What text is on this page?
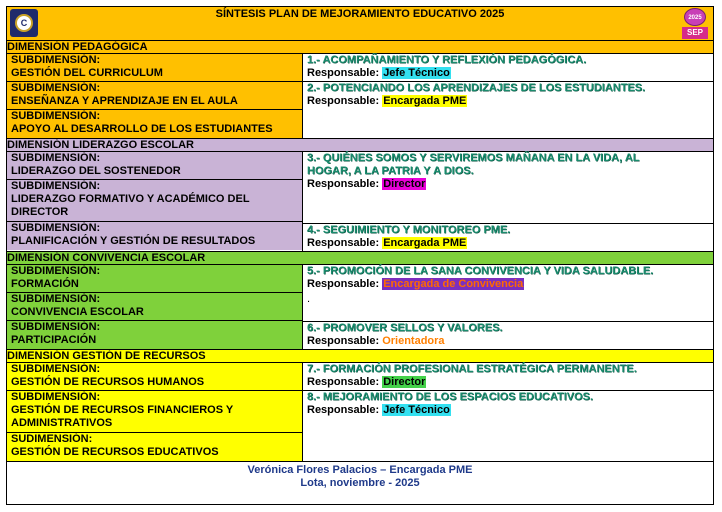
C
SÍNTESIS PLAN DE MEJORAMIENTO EDUCATIVO 2025	2025
SEP
DIMENSIÓN PEDAGÓGICA
SUBDIMENSIÓN:
GESTIÓN DEL CURRICULUM
SUBDIMENSIÓN:
ENSEÑANZA Y APRENDIZAJE EN EL AULA
SUBDIMENSIÓN:
APOYO AL DESARROLLO DE LOS ESTUDIANTES
1.- ACOMPAÑAMIENTO Y REFLEXIÓN PEDAGÓGICA.
Responsable: Jefe Técnico
2.- POTENCIANDO LOS APRENDIZAJES DE LOS ESTUDIANTES.
Responsable: Encargada PME
DIMENSIÓN LIDERAZGO ESCOLAR
SUBDIMENSIÓN:
LIDERAZGO DEL SOSTENEDOR
SUBDIMENSIÓN:
LIDERAZGO FORMATIVO Y ACADÉMICO DEL DIRECTOR
SUBDIMENSIÓN:
PLANIFICACIÓN Y GESTIÓN DE RESULTADOS
3.- QUIÉNES SOMOS Y SERVIREMOS MAÑANA EN LA VIDA, AL
HOGAR, A LA PATRIA Y A DIOS.
Responsable: Director
4.- SEGUIMIENTO Y MONITOREO PME.
Responsable: Encargada PME
DIMENSIÓN CONVIVENCIA ESCOLAR
SUBDIMENSIÓN:
FORMACIÓN
SUBDIMENSIÓN:
CONVIVENCIA ESCOLAR
SUBDIMENSIÓN:
PARTICIPACIÓN
5.- PROMOCIÓN DE LA SANA CONVIVENCIA Y VIDA SALUDABLE.
Responsable: Encargada de Convivencia
.
6.- PROMOVER SELLOS Y VALORES.
Responsable: Orientadora
DIMENSIÓN GESTIÓN DE RECURSOS
SUBDIMENSIÓN:
GESTIÓN DE RECURSOS HUMANOS
SUBDIMENSIÓN:
GESTIÓN DE RECURSOS FINANCIEROS Y ADMINISTRATIVOS
SUDIMENSIÓN:
GESTIÓN DE RECURSOS EDUCATIVOS
7.- FORMACIÓN PROFESIONAL ESTRATÉGICA PERMANENTE.
Responsable: Director
8.- MEJORAMIENTO DE LOS ESPACIOS EDUCATIVOS.
Responsable: Jefe Técnico
Verónica Flores Palacios – Encargada PME
Lota, noviembre - 2025
